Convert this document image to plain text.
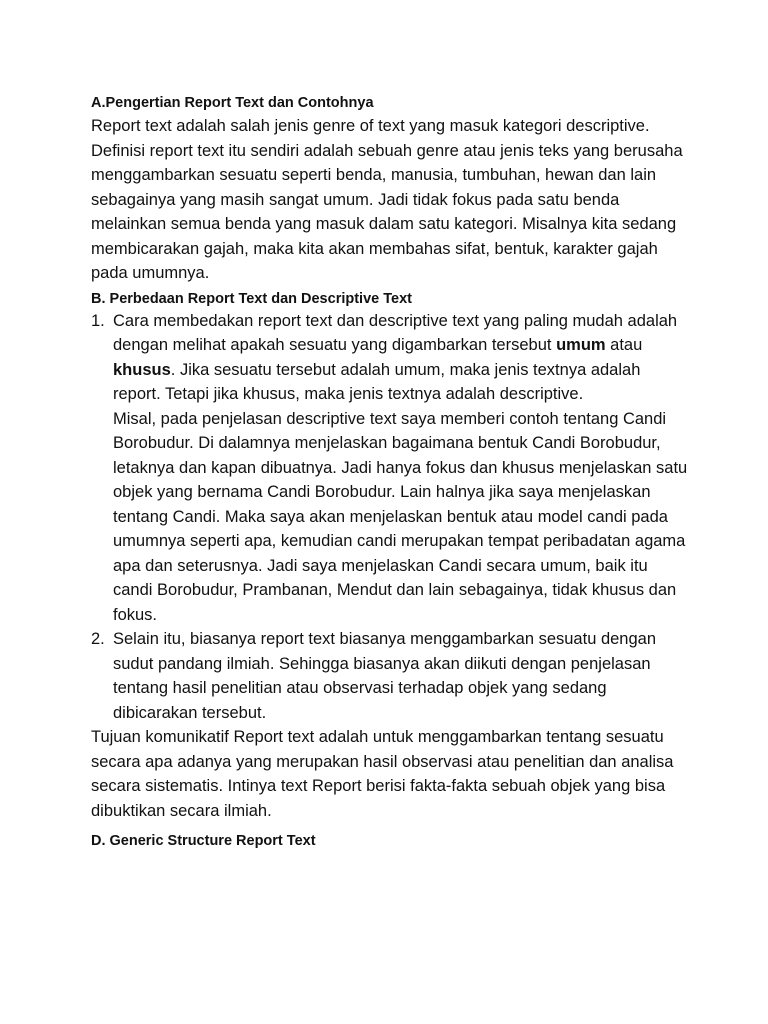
A.Pengertian Report Text dan Contohnya

Report text adalah salah jenis genre of text yang masuk kategori descriptive. Definisi report text itu sendiri adalah sebuah genre atau jenis teks yang berusaha menggambarkan sesuatu seperti benda, manusia, tumbuhan, hewan dan lain sebagainya yang masih sangat umum. Jadi tidak fokus pada satu benda melainkan semua benda yang masuk dalam satu kategori. Misalnya kita sedang membicarakan gajah, maka kita akan membahas sifat, bentuk, karakter gajah pada umumnya.

B. Perbedaan Report Text dan Descriptive Text

1. Cara membedakan report text dan descriptive text yang paling mudah adalah dengan melihat apakah sesuatu yang digambarkan tersebut umum atau khusus. Jika sesuatu tersebut adalah umum, maka jenis textnya adalah report. Tetapi jika khusus, maka jenis textnya adalah descriptive.

Misal, pada penjelasan descriptive text saya memberi contoh tentang Candi Borobudur. Di dalamnya menjelaskan bagaimana bentuk Candi Borobudur, letaknya dan kapan dibuatnya. Jadi hanya fokus dan khusus menjelaskan satu objek yang bernama Candi Borobudur. Lain halnya jika saya menjelaskan tentang Candi. Maka saya akan menjelaskan bentuk atau model candi pada umumnya seperti apa, kemudian candi merupakan tempat peribadatan agama apa dan seterusnya. Jadi saya menjelaskan Candi secara umum, baik itu candi Borobudur, Prambanan, Mendut dan lain sebagainya, tidak khusus dan fokus.

2. Selain itu, biasanya report text biasanya menggambarkan sesuatu dengan sudut pandang ilmiah. Sehingga biasanya akan diikuti dengan penjelasan tentang hasil penelitian atau observasi terhadap objek yang sedang dibicarakan tersebut.

Tujuan komunikatif Report text adalah untuk menggambarkan tentang sesuatu secara apa adanya yang merupakan hasil observasi atau penelitian dan analisa secara sistematis. Intinya text Report berisi fakta-fakta sebuah objek yang bisa dibuktikan secara ilmiah.

D. Generic Structure Report Text
